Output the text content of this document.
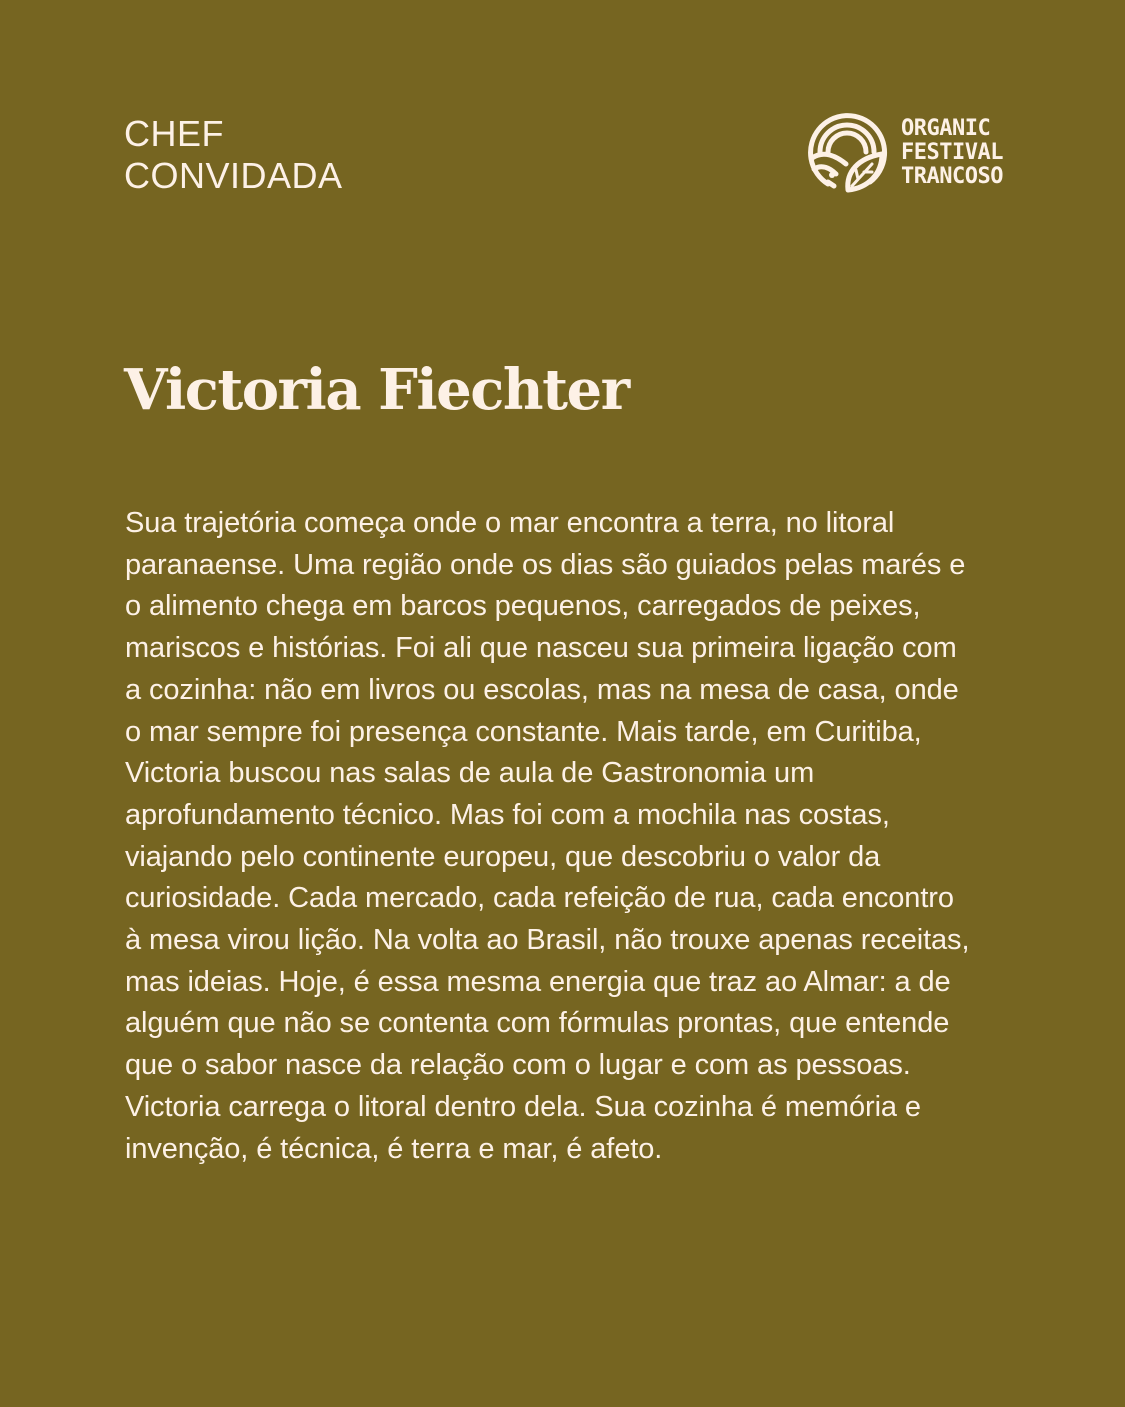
CHEF
CONVIDADA
ORGANIC
FESTIVAL
TRANCOSO
Victoria Fiechter

Sua trajetória começa onde o mar encontra a terra, no litoral paranaense. Uma região onde os dias são guiados pelas marés e o alimento chega em barcos pequenos, carregados de peixes, mariscos e histórias. Foi ali que nasceu sua primeira ligação com a cozinha: não em livros ou escolas, mas na mesa de casa, onde o mar sempre foi presença constante. Mais tarde, em Curitiba, Victoria buscou nas salas de aula de Gastronomia um aprofundamento técnico. Mas foi com a mochila nas costas, viajando pelo continente europeu, que descobriu o valor da curiosidade. Cada mercado, cada refeição de rua, cada encontro à mesa virou lição. Na volta ao Brasil, não trouxe apenas receitas, mas ideias. Hoje, é essa mesma energia que traz ao Almar: a de alguém que não se contenta com fórmulas prontas, que entende que o sabor nasce da relação com o lugar e com as pessoas. Victoria carrega o litoral dentro dela. Sua cozinha é memória e invenção, é técnica, é terra e mar, é afeto.
